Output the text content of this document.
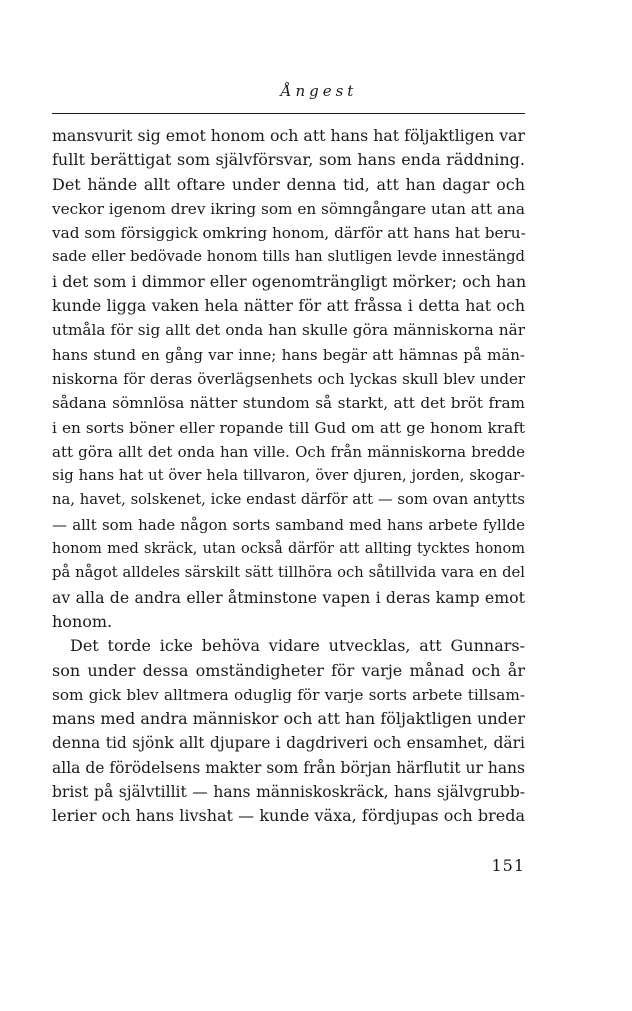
Ångest
mansvurit sig emot honom och att hans hat följaktligen var
fullt berättigat som självförsvar, som hans enda räddning.
Det hände allt oftare under denna tid, att han dagar och
veckor igenom drev ikring som en sömngångare utan att ana
vad som försiggick omkring honom, därför att hans hat beru-
sade eller bedövade honom tills han slutligen levde innestängd
i det som i dimmor eller ogenomträngligt mörker; och han
kunde ligga vaken hela nätter för att fråssa i detta hat och
utmåla för sig allt det onda han skulle göra människorna när
hans stund en gång var inne; hans begär att hämnas på män-
niskorna för deras överlägsenhets och lyckas skull blev under
sådana sömnlösa nätter stundom så starkt, att det bröt fram
i en sorts böner eller ropande till Gud om att ge honom kraft
att göra allt det onda han ville. Och från människorna bredde
sig hans hat ut över hela tillvaron, över djuren, jorden, skogar-
na, havet, solskenet, icke endast därför att — som ovan antytts
— allt som hade någon sorts samband med hans arbete fyllde
honom med skräck, utan också därför att allting tycktes honom
på något alldeles särskilt sätt tillhöra och såtillvida vara en del
av alla de andra eller åtminstone vapen i deras kamp emot
honom.
Det torde icke behöva vidare utvecklas, att Gunnars-
son under dessa omständigheter för varje månad och år
som gick blev alltmera oduglig för varje sorts arbete tillsam-
mans med andra människor och att han följaktligen under
denna tid sjönk allt djupare i dagdriveri och ensamhet, däri
alla de förödelsens makter som från början härflutit ur hans
brist på självtillit — hans människoskräck, hans självgrubb-
lerier och hans livshat — kunde växa, fördjupas och breda
151
